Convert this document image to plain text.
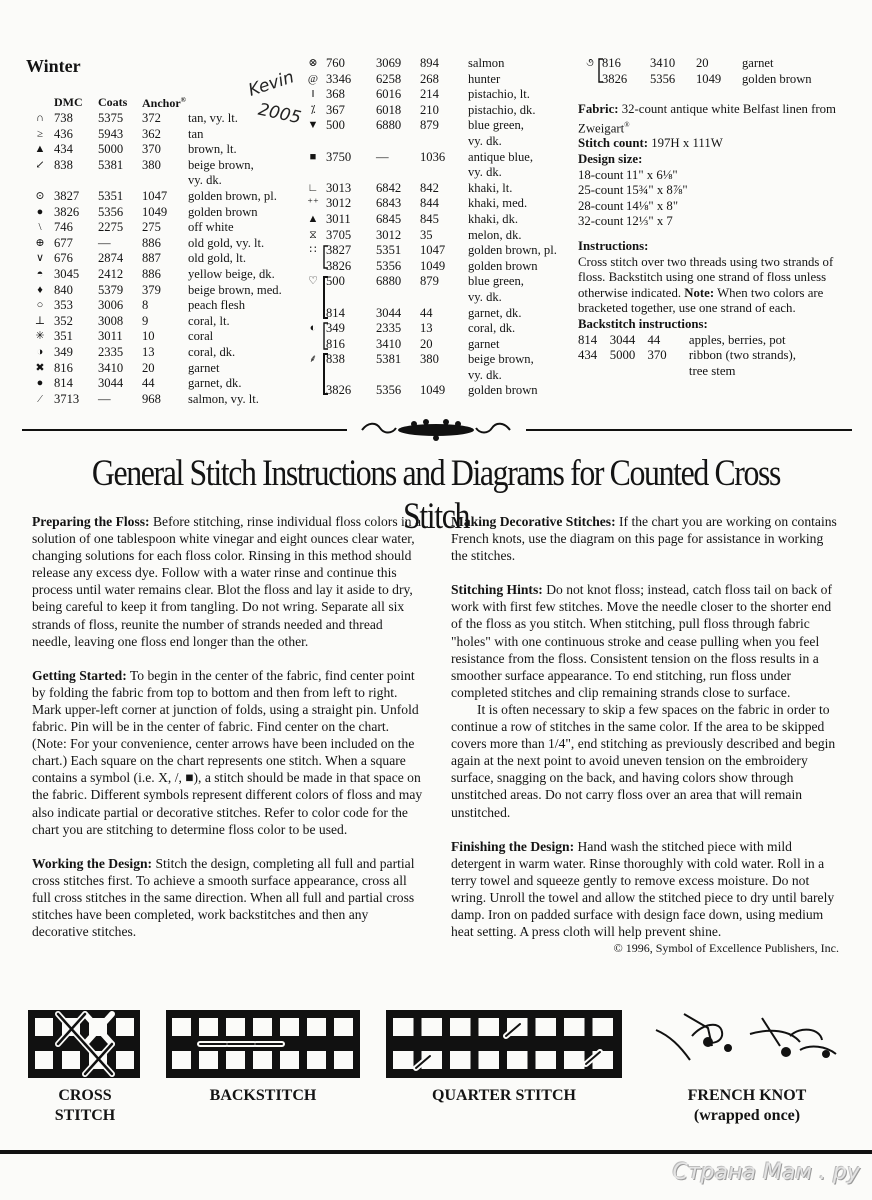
Winter
Kevin
2005
	DMC	Coats	Anchor®	
∩	738	5375	372	tan, vy. lt.
≥	436	5943	362	tan
▲	434	5000	370	brown, lt.
↙	838	5381	380	beige brown,
				vy. dk.
⊙	3827	5351	1047	golden brown, pl.
●	3826	5356	1049	golden brown
\	746	2275	275	off white
⊕	677	—	886	old gold, vy. lt.
∨	676	2874	887	old gold, lt.
◓	3045	2412	886	yellow beige, dk.
♦	840	5379	379	beige brown, med.
○	353	3006	8	peach flesh
⊥	352	3008	9	coral, lt.
✳	351	3011	10	coral
◑	349	2335	13	coral, dk.
✖	816	3410	20	garnet
●	814	3044	44	garnet, dk.
⁄	3713	—	968	salmon, vy. lt.
⊗	760	3069	894	salmon
@	3346	6258	268	hunter
‖	368	6016	214	pistachio, lt.
⁒	367	6018	210	pistachio, dk.
▼	500	6880	879	blue green,
				vy. dk.
■	3750	—	1036	antique blue,
				vy. dk.
∟	3013	6842	842	khaki, lt.
⁺⁺	3012	6843	844	khaki, med.
▲	3011	6845	845	khaki, dk.
⧖	3705	3012	35	melon, dk.
∷	3827	5351	1047	golden brown, pl.
	3826	5356	1049	golden brown
♡	500	6880	879	blue green,
				vy. dk.
	814	3044	44	garnet, dk.
◐	349	2335	13	coral, dk.
	816	3410	20	garnet
⸙	838	5381	380	beige brown,
				vy. dk.
	3826	5356	1049	golden brown
૭	816	3410	20	garnet
	3826	5356	1049	golden brown
Fabric: 32-count antique white Belfast linen from Zweigart®
Stitch count: 197H x 111W
Design size:
18-count	11" x 6⅛"
25-count	15¾" x 8⅞"
28-count	14⅛" x 8"
32-count	12⅓" x 7
Instructions:
Cross stitch over two threads using two strands of floss. Backstitch using one strand of floss unless otherwise indicated. Note: When two colors are bracketed together, use one strand of each.
Backstitch instructions:
814	3044	44	apples, berries, pot
434	5000	370	ribbon (two strands),
			tree stem
General Stitch Instructions and Diagrams for Counted Cross Stitch

Preparing the Floss: Before stitching, rinse individual floss colors in a solution of one tablespoon white vinegar and eight ounces clear water, changing solutions for each floss color. Rinsing in this method should release any excess dye. Follow with a water rinse and continue this process until water remains clear. Blot the floss and lay it aside to dry, being careful to keep it from tangling. Do not wring. Separate all six strands of floss, reunite the number of strands needed and thread needle, leaving one floss end longer than the other.

Getting Started: To begin in the center of the fabric, find center point by folding the fabric from top to bottom and then from left to right. Mark upper-left corner at junction of folds, using a straight pin. Unfold fabric. Pin will be in the center of fabric. Find center on the chart. (Note: For your convenience, center arrows have been included on the chart.) Each square on the chart represents one stitch. When a square contains a symbol (i.e. X, /, ■), a stitch should be made in that space on the fabric. Different symbols represent different colors of floss and may also indicate partial or decorative stitches. Refer to color code for the chart you are stitching to determine floss color to be used.

Working the Design: Stitch the design, completing all full and partial cross stitches first. To achieve a smooth surface appearance, cross all full cross stitches in the same direction. When all full and partial cross stitches have been completed, work backstitches and then any decorative stitches.

Making Decorative Stitches: If the chart you are working on contains French knots, use the diagram on this page for assistance in working the stitches.

Stitching Hints: Do not knot floss; instead, catch floss tail on back of work with first few stitches. Move the needle closer to the shorter end of the floss as you stitch. When stitching, pull floss through fabric "holes" with one continuous stroke and cease pulling when you feel resistance from the floss. Consistent tension on the floss results in a smoother surface appearance. To end stitching, run floss under completed stitches and clip remaining strands close to surface.

It is often necessary to skip a few spaces on the fabric in order to continue a row of stitches in the same color. If the area to be skipped covers more than 1/4", end stitching as previously described and begin again at the next point to avoid uneven tension on the embroidery surface, snagging on the back, and having colors show through unstitched areas. Do not carry floss over an area that will remain unstitched.

Finishing the Design: Hand wash the stitched piece with mild detergent in warm water. Rinse thoroughly with cold water. Roll in a terry towel and squeeze gently to remove excess moisture. Do not wring. Unroll the towel and allow the stitched piece to dry until barely damp. Iron on padded surface with design face down, using medium heat setting. A press cloth will help prevent shine.

© 1996, Symbol of Excellence Publishers, Inc.
CROSS
STITCH
BACKSTITCH	QUARTER STITCH	FRENCH KNOT
(wrapped once)
Страна Мам . ру
